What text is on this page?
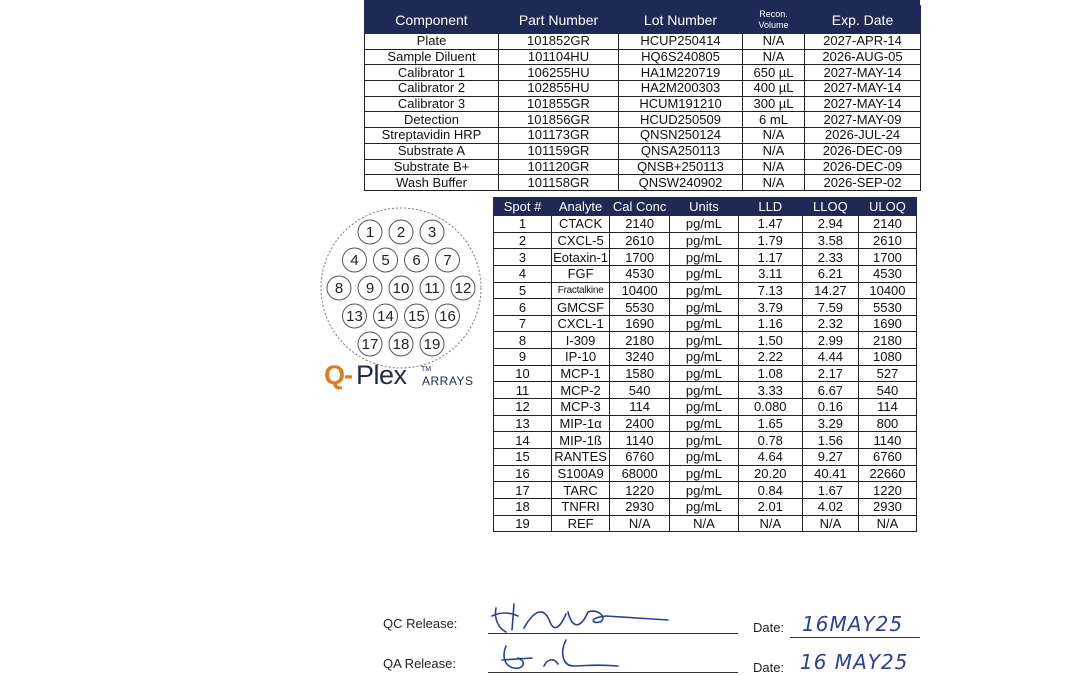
Component	Part Number	Lot Number	Recon. Volume	Exp. Date
Plate	101852GR	HCUP250414	N/A	2027-APR-14
Sample Diluent	101104HU	HQ6S240805	N/A	2026-AUG-05
Calibrator 1	106255HU	HA1M220719	650 µL	2027-MAY-14
Calibrator 2	102855HU	HA2M200303	400 µL	2027-MAY-14
Calibrator 3	101855GR	HCUM191210	300 µL	2027-MAY-14
Detection	101856GR	HCUD250509	6 mL	2027-MAY-09
Streptavidin HRP	101173GR	QNSN250124	N/A	2026-JUL-24
Substrate A	101159GR	QNSA250113	N/A	2026-DEC-09
Substrate B+	101120GR	QNSB+250113	N/A	2026-DEC-09
Wash Buffer	101158GR	QNSW240902	N/A	2026-SEP-02
Spot #	Analyte	Cal Conc	Units	LLD	LLOQ	ULOQ
1	CTACK	2140	pg/mL	1.47	2.94	2140
2	CXCL-5	2610	pg/mL	1.79	3.58	2610
3	Eotaxin-1	1700	pg/mL	1.17	2.33	1700
4	FGF	4530	pg/mL	3.11	6.21	4530
5	Fractalkine	10400	pg/mL	7.13	14.27	10400
6	GMCSF	5530	pg/mL	3.79	7.59	5530
7	CXCL-1	1690	pg/mL	1.16	2.32	1690
8	I-309	2180	pg/mL	1.50	2.99	2180
9	IP-10	3240	pg/mL	2.22	4.44	1080
10	MCP-1	1580	pg/mL	1.08	2.17	527
11	MCP-2	540	pg/mL	3.33	6.67	540
12	MCP-3	114	pg/mL	0.080	0.16	114
13	MIP-1α	2400	pg/mL	1.65	3.29	800
14	MIP-1ß	1140	pg/mL	0.78	1.56	1140
15	RANTES	6760	pg/mL	4.64	9.27	6760
16	S100A9	68000	pg/mL	20.20	40.41	22660
17	TARC	1220	pg/mL	0.84	1.67	1220
18	TNFRI	2930	pg/mL	2.01	4.02	2930
19	REF	N/A	N/A	N/A	N/A	N/A
1 2 3
4 5 6 7
8 9 10 11 12
13 14 15 16
17 18 19
Q- Plex TM
ARRAYS
QC Release:	Date: 16MAY25
QA Release:	Date: 16 MAY25
